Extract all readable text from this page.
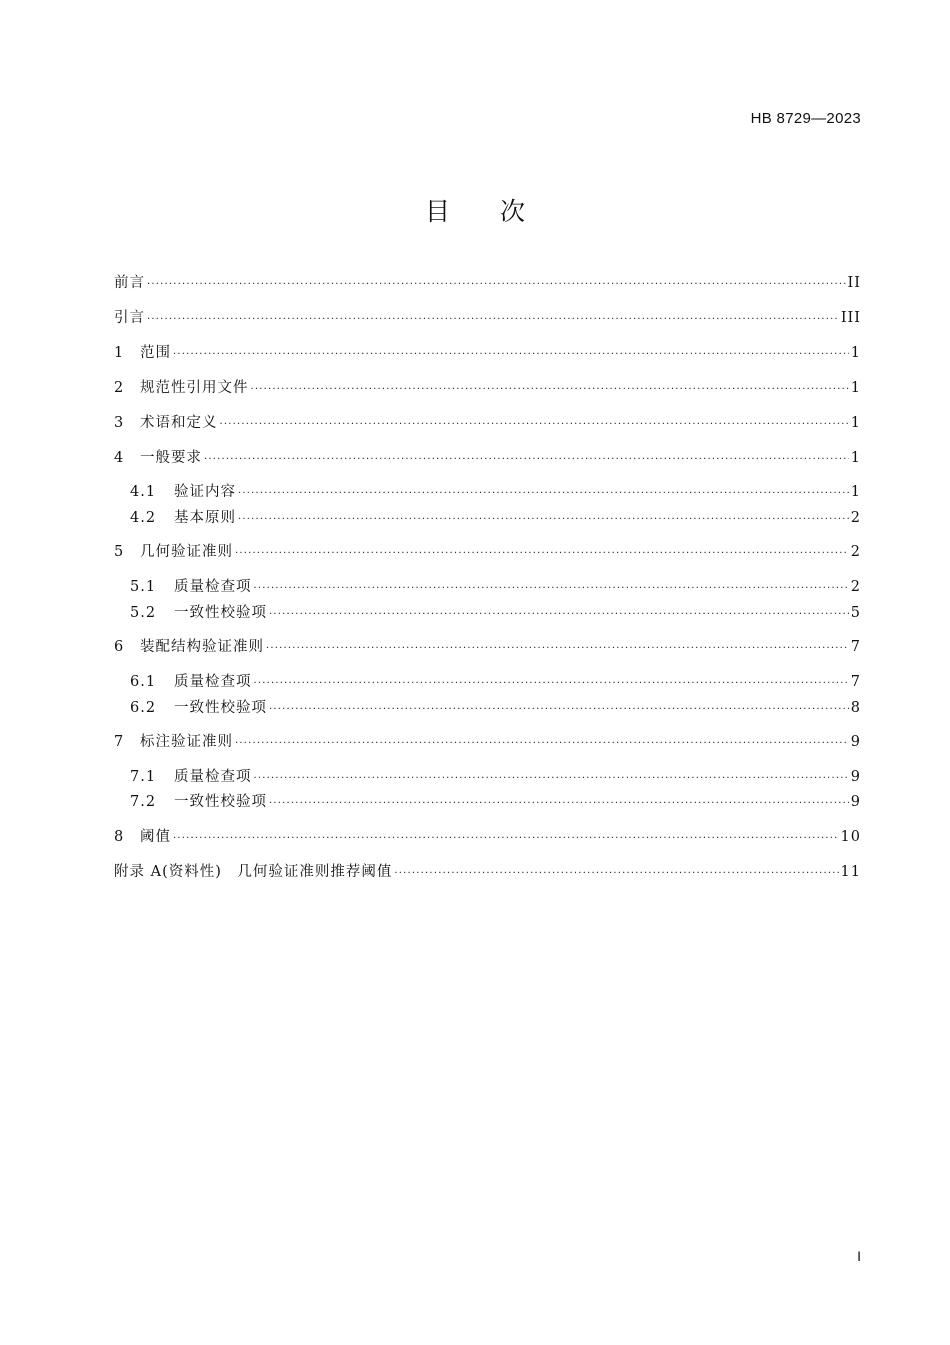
HB 8729—2023
目次
前言 ·····	II
引言 ·····	III
1	范围 ·····	1
2	规范性引用文件 ·····	1
3	术语和定义 ·····	1
4	一般要求 ·····	1
4.1	验证内容 ·····	1
4.2	基本原则 ·····	2
5	几何验证准则 ·····	2
5.1	质量检查项 ·····	2
5.2	一致性校验项 ·····	5
6	装配结构验证准则 ·····	7
6.1	质量检查项 ·····	7
6.2	一致性校验项 ·····	8
7	标注验证准则 ·····	9
7.1	质量检查项 ·····	9
7.2	一致性校验项 ·····	9
8	阈值 ·····	10
附录 A(资料性)　几何验证准则推荐阈值 ·····	11
I
